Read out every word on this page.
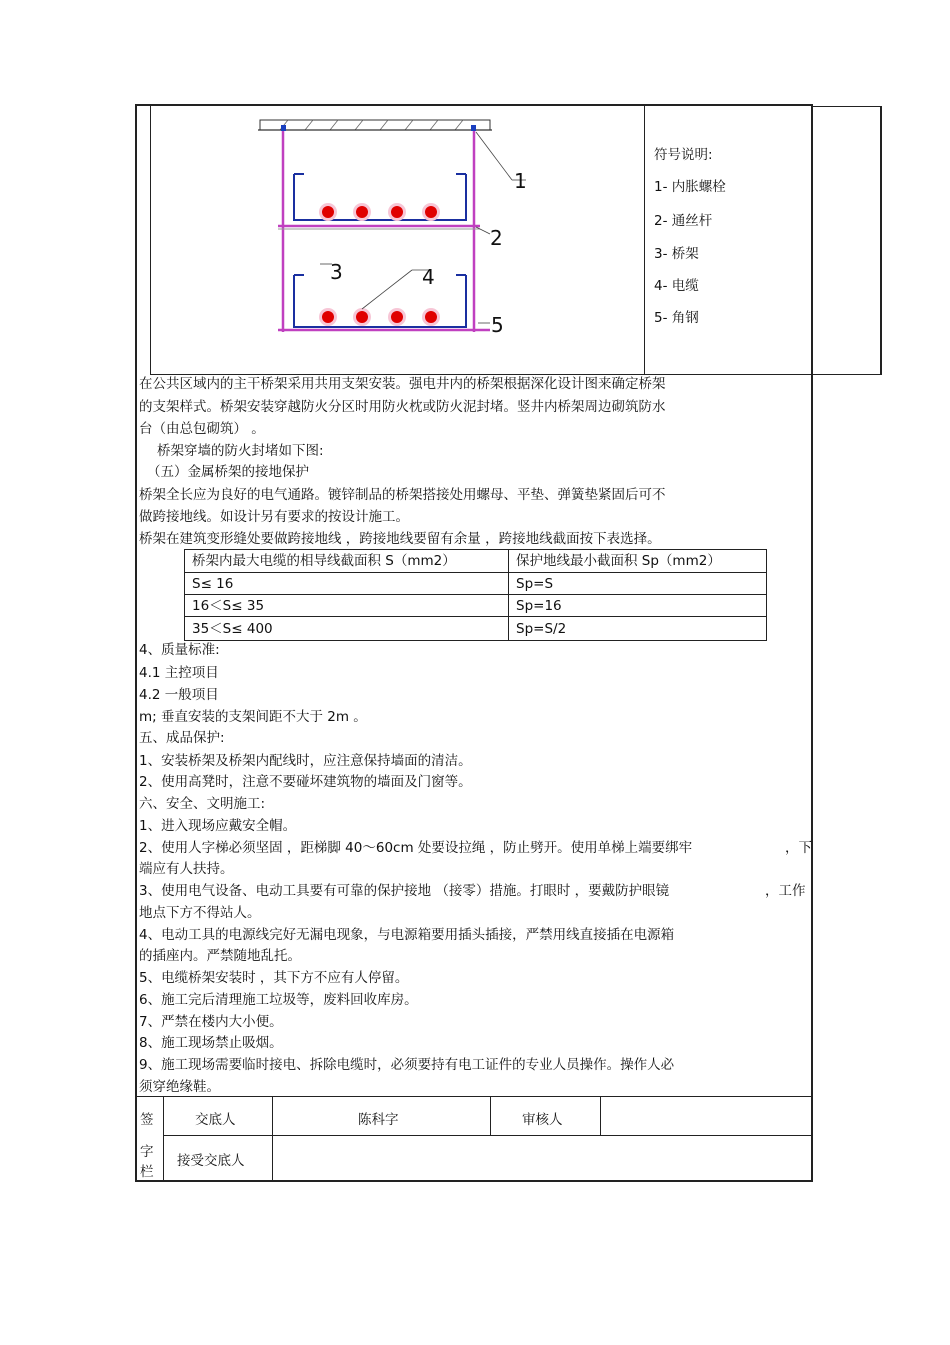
1
2
3	4
5
符号说明:
1- 内胀螺栓
2- 通丝杆
3- 桥架
4- 电缆
5- 角钢
在公共区域内的主干桥架采用共用支架安装。强电井内的桥架根据深化设计图来确定桥架
的支架样式。桥架安装穿越防火分区时用防火枕或防火泥封堵。竖井内桥架周边砌筑防水
台（由总包砌筑） 。
桥架穿墙的防火封堵如下图:
（五）金属桥架的接地保护
桥架全长应为良好的电气通路。镀锌制品的桥架搭接处用螺母、平垫、弹簧垫紧固后可不
做跨接地线。如设计另有要求的按设计施工。
桥架在建筑变形缝处要做跨接地线 ，跨接地线要留有余量 ，跨接地线截面按下表选择。
桥架内最大电缆的相导线截面积 S（mm2）	保护地线最小截面积 Sp（mm2）
S≤ 16	Sp=S
16＜S≤ 35	Sp=16
35＜S≤ 400	Sp=S/2
4、质量标准:
4.1 主控项目
4.2 一般项目
m; 垂直安装的支架间距不大于 2m 。
五、成品保护:
1、安装桥架及桥架内配线时，应注意保持墙面的清洁。
2、使用高凳时，注意不要碰坏建筑物的墙面及门窗等。
六、安全、文明施工:
1、进入现场应戴安全帽。
2、使用人字梯必须坚固 ，距梯脚 40～60cm 处要设拉绳 ，防止劈开。使用单梯上端要绑牢	，下
端应有人扶持。
3、使用电气设备、电动工具要有可靠的保护接地 （接零）措施。打眼时 ，要戴防护眼镜	，工作
地点下方不得站人。
4、电动工具的电源线完好无漏电现象，与电源箱要用插头插接，严禁用线直接插在电源箱
的插座内。严禁随地乱托。
5、电缆桥架安装时 ，其下方不应有人停留。
6、施工完后清理施工垃圾等，废料回收库房。
7、严禁在楼内大小便。
8、施工现场禁止吸烟。
9、施工现场需要临时接电、拆除电缆时，必须要持有电工证件的专业人员操作。操作人必
须穿绝缘鞋。
签
字
栏
交底人	陈科字	审核人
接受交底人
